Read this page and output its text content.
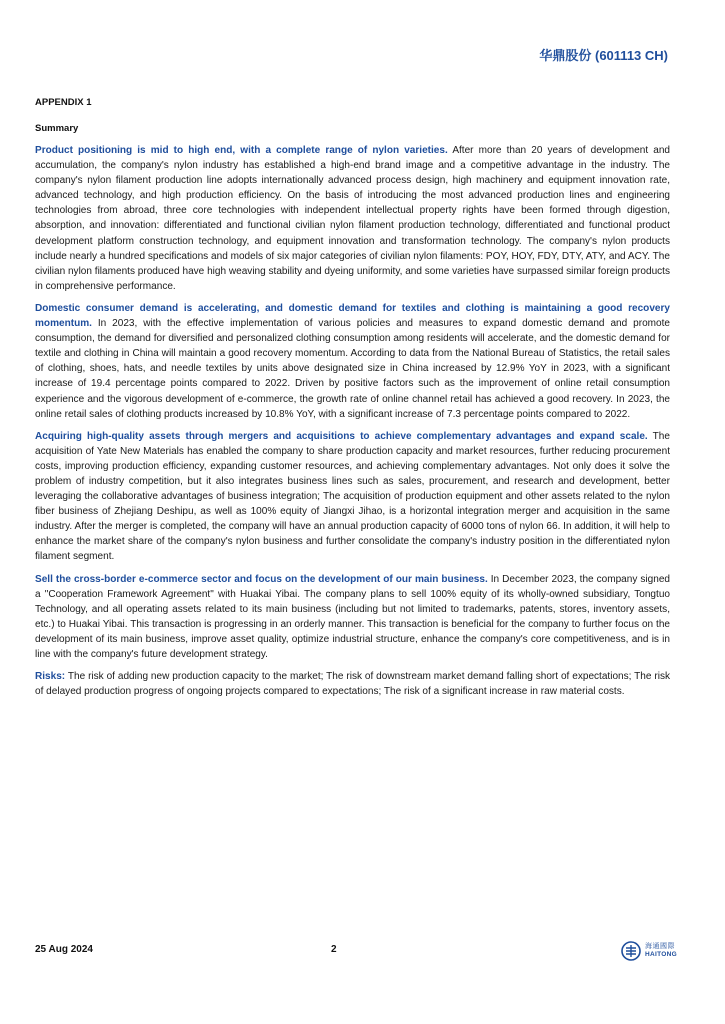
华鼎股份 (601113 CH)
APPENDIX 1
Summary

Product positioning is mid to high end, with a complete range of nylon varieties. After more than 20 years of development and accumulation, the company's nylon industry has established a high-end brand image and a competitive advantage in the industry. The company's nylon filament production line adopts internationally advanced process design, high machinery and equipment innovation rate, advanced technology, and high production efficiency. On the basis of introducing the most advanced production lines and engineering technologies from abroad, three core technologies with independent intellectual property rights have been formed through digestion, absorption, and innovation: differentiated and functional civilian nylon filament production technology, differentiated and functional product development platform construction technology, and equipment innovation and transformation technology. The company's nylon products include nearly a hundred specifications and models of six major categories of civilian nylon filaments: POY, HOY, FDY, DTY, ATY, and ACY. The civilian nylon filaments produced have high weaving stability and dyeing uniformity, and some varieties have surpassed similar foreign products in comprehensive performance.

Domestic consumer demand is accelerating, and domestic demand for textiles and clothing is maintaining a good recovery momentum. In 2023, with the effective implementation of various policies and measures to expand domestic demand and promote consumption, the demand for diversified and personalized clothing consumption among residents will accelerate, and the domestic demand for textile and clothing in China will maintain a good recovery momentum. According to data from the National Bureau of Statistics, the retail sales of clothing, shoes, hats, and needle textiles by units above designated size in China increased by 12.9% YoY in 2023, with a significant increase of 19.4 percentage points compared to 2022. Driven by positive factors such as the improvement of online retail consumption experience and the vigorous development of e-commerce, the growth rate of online channel retail has achieved a good recovery. In 2023, the online retail sales of clothing products increased by 10.8% YoY, with a significant increase of 7.3 percentage points compared to 2022.

Acquiring high-quality assets through mergers and acquisitions to achieve complementary advantages and expand scale. The acquisition of Yate New Materials has enabled the company to share production capacity and market resources, further reducing procurement costs, improving production efficiency, expanding customer resources, and achieving complementary advantages. Not only does it solve the problem of industry competition, but it also integrates business lines such as sales, procurement, and research and development, better leveraging the collaborative advantages of business integration; The acquisition of production equipment and other assets related to the nylon fiber business of Zhejiang Deshipu, as well as 100% equity of Jiangxi Jihao, is a horizontal integration merger and acquisition in the same industry. After the merger is completed, the company will have an annual production capacity of 6000 tons of nylon 66. In addition, it will help to enhance the market share of the company's nylon business and further consolidate the company's industry position in the differentiated nylon filament segment.

Sell the cross-border e-commerce sector and focus on the development of our main business. In December 2023, the company signed a "Cooperation Framework Agreement" with Huakai Yibai. The company plans to sell 100% equity of its wholly-owned subsidiary, Tongtuo Technology, and all operating assets related to its main business (including but not limited to trademarks, patents, stores, inventory assets, etc.) to Huakai Yibai. This transaction is progressing in an orderly manner. This transaction is beneficial for the company to further focus on the development of its main business, improve asset quality, optimize industrial structure, enhance the company's core competitiveness, and is in line with the company's future development strategy.

Risks: The risk of adding new production capacity to the market; The risk of downstream market demand falling short of expectations; The risk of delayed production progress of ongoing projects compared to expectations; The risk of a significant increase in raw material costs.

25 Aug 2024	2	海通國際
HAITONG
